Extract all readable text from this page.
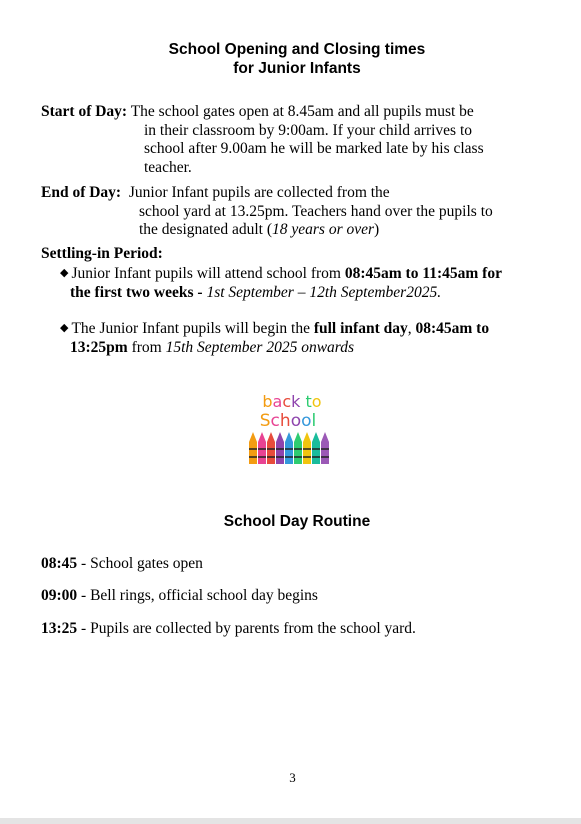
School Opening and Closing times
for Junior Infants
Start of Day: The school gates open at 8.45am and all pupils must be
in their classroom by 9:00am. If your child arrives to
school after 9.00am he will be marked late by his class
teacher.
End of Day: Junior Infant pupils are collected from the
school yard at 13.25pm. Teachers hand over the pupils to
the designated adult (18 years or over)
Settling-in Period:
◆ Junior Infant pupils will attend school from 08:45am to 11:45am for
the first two weeks - 1st September – 12th September2025.
◆ The Junior Infant pupils will begin the full infant day, 08:45am to
13:25pm from 15th September 2025 onwards
back to
School
School Day Routine
08:45 - School gates open
09:00 - Bell rings, official school day begins
13:25 - Pupils are collected by parents from the school yard.
3
